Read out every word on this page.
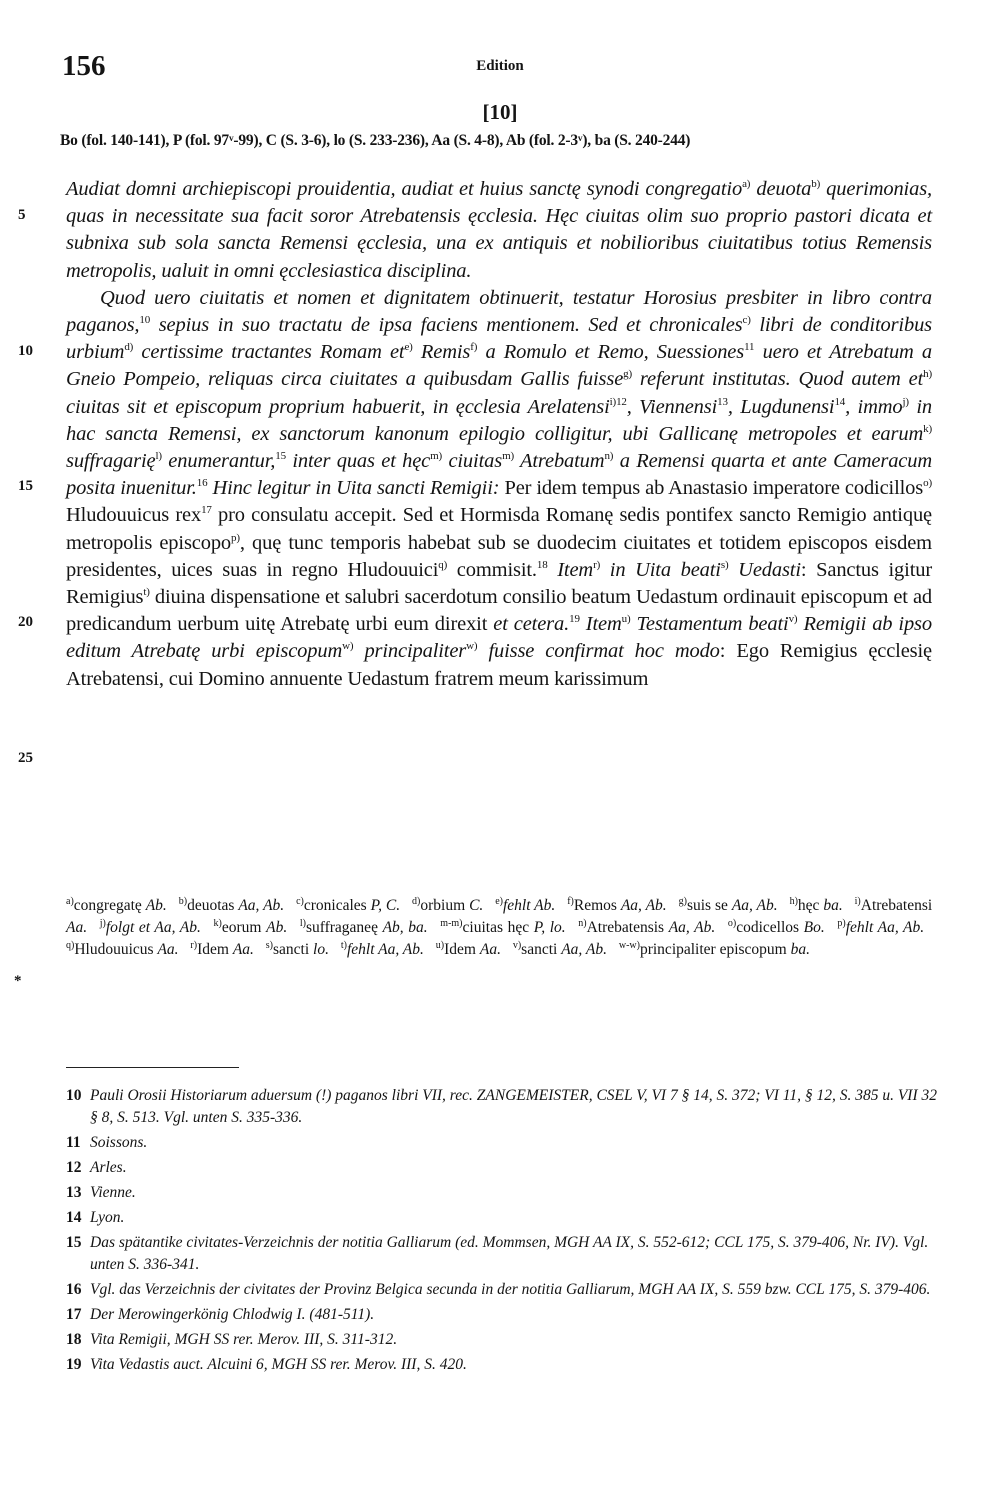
156	Edition
[10]
Bo (fol. 140-141), P (fol. 97ᵛ-99), C (S. 3-6), lo (S. 233-236), Aa (S. 4-8), Ab (fol. 2-3ᵛ), ba (S. 240-244)
5
10
15
20
25

Audiat domni archiepiscopi prouidentia, audiat et huius sanctę synodi congregatio$^{a)}$ deuota$^{b)}$ querimonias, quas in necessitate sua facit soror Atrebatensis ęcclesia. Hęc ciuitas olim suo proprio pastori dicata et subnixa sub sola sancta Remensi ęcclesia, una ex antiquis et nobilioribus ciuitatibus totius Remensis metropolis, ualuit in omni ęcclesiastica disciplina.

Quod uero ciuitatis et nomen et dignitatem obtinuerit, testatur Horosius presbiter in libro contra paganos,$^{10}$ sepius in suo tractatu de ipsa faciens mentionem. Sed et chronicales$^{c)}$ libri de conditoribus urbium$^{d)}$ certissime tractantes Romam $et^{e)}$ Remis$^{f)}$ a Romulo et Remo, Suessiones$^{11}$ uero et Atrebatum a Gneio Pompeio, reliquas circa ciuitates a quibusdam Gallis fuisse$^{g)}$ referunt institutas. Quod autem $et^{h)}$ ciuitas sit et episcopum proprium habuerit, in ęcclesia Arelatensi$^{i)12}$, Viennensi$^{13}$, Lugdunensi$^{14}$, immo$^{j)}$ in hac sancta Remensi, ex sanctorum kanonum epilogio colligitur, ubi Gallicanę metropoles et earum$^{k)}$ suffragarię$^{l)}$ enumerantur,$^{15}$ inter quas et hęc$^{m)}$ ciuitas$^{m)}$ Atrebatum$^{n)}$ a Remensi quarta et ante Cameracum posita inuenitur.$^{16}$ Hinc legitur in Uita sancti Remigii: Per idem tempus ab Anastasio imperatore codicillos$^{o)}$ Hludouuicus rex$^{17}$ pro consulatu accepit. Sed et Hormisda Romanę sedis pontifex sancto Remigio antiquę metropolis episcopo$^{p)}$, quę tunc temporis habebat sub se duodecim ciuitates et totidem episcopos eisdem presidentes, uices suas in regno Hludouuici$^{q)}$ commisit.$^{18}$ Item$^{r)}$ in Uita beati$^{s)}$ Uedasti: Sanctus igitur Remigius$^{t)}$ diuina dispensatione et salubri sacerdotum consilio beatum Uedastum ordinauit episcopum et ad predicandum uerbum uitę Atrebatę urbi eum direxit et cetera.$^{19}$ Item$^{u)}$ Testamentum beati$^{v)}$ Remigii ab ipso editum Atrebatę urbi episcopum$^{w)}$ principaliter$^{w)}$ fuisse confirmat hoc modo: Ego Remigius ęcclesię Atrebatensi, cui Domino annuente Uedastum fratrem meum karissimum

*
$^{a)}$congregatę Ab. $^{b)}$deuotas Aa, Ab. $^{c)}$cronicales P, C. $^{d)}$orbium C. $^{e)}$fehlt Ab. $^{f)}$Remos Aa, Ab. $^{g)}$suis se Aa, Ab. $^{h)}$hęc ba. $^{i)}$Atrebatensi Aa. $^{j)}$folgt et Aa, Ab. $^{k)}$eorum Ab. $^{l)}$suffraganeę Ab, ba. $^{m-m)}$ciuitas hęc P, lo. $^{n)}$Atrebatensis Aa, Ab. $^{o)}$codicellos Bo. $^{p)}$fehlt Aa, Ab. $^{q)}$Hludouuicus Aa. $^{r)}$Idem Aa. $^{s)}$sancti lo. $^{t)}$fehlt Aa, Ab. $^{u)}$Idem Aa. $^{v)}$sancti Aa, Ab. $^{w-w)}$principaliter episcopum ba.
10 Pauli Orosii Historiarum aduersum (!) paganos libri VII, rec. ZANGEMEISTER, CSEL V, VI 7 § 14, S. 372; VI 11, § 12, S. 385 u. VII 32 § 8, S. 513. Vgl. unten S. 335-336.
11 Soissons.
12 Arles.
13 Vienne.
14 Lyon.
15 Das spätantike civitates-Verzeichnis der notitia Galliarum (ed. Mommsen, MGH AA IX, S. 552-612; CCL 175, S. 379-406, Nr. IV). Vgl. unten S. 336-341.
16 Vgl. das Verzeichnis der civitates der Provinz Belgica secunda in der notitia Galliarum, MGH AA IX, S. 559 bzw. CCL 175, S. 379-406.
17 Der Merowingerkönig Chlodwig I. (481-511).
18 Vita Remigii, MGH SS rer. Merov. III, S. 311-312.
19 Vita Vedastis auct. Alcuini 6, MGH SS rer. Merov. III, S. 420.
